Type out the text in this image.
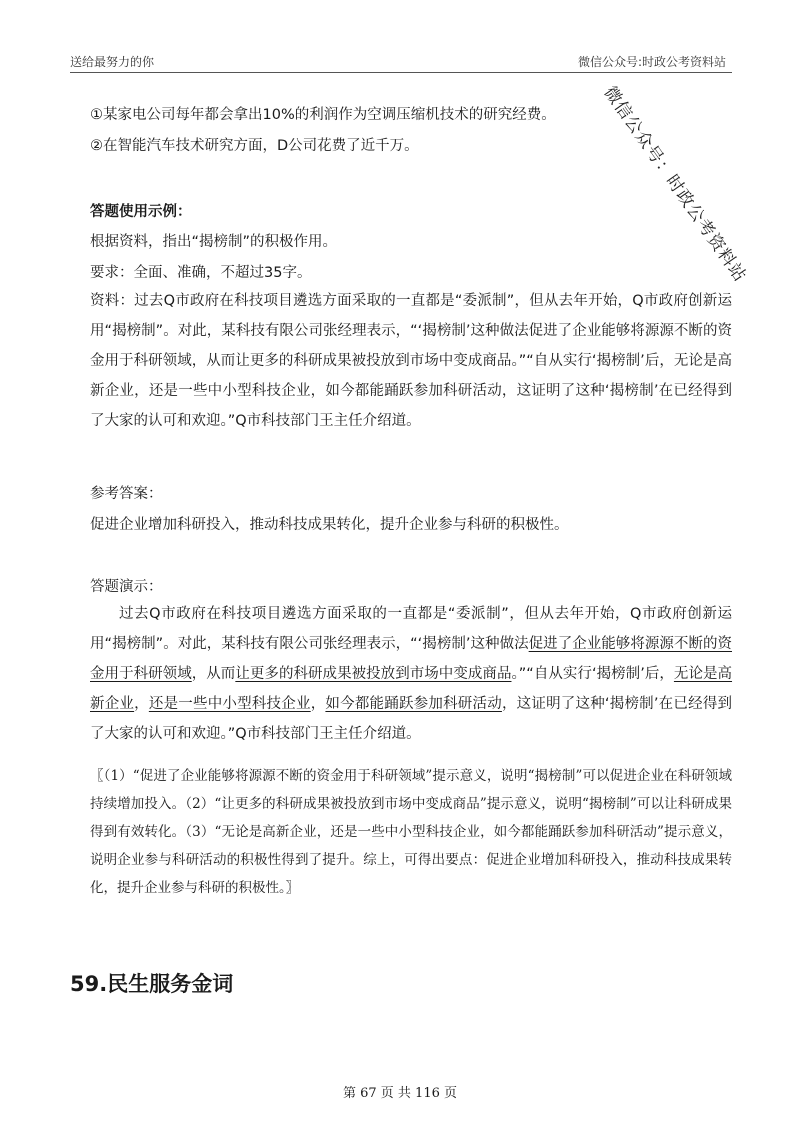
送给最努力的你	微信公众号:时政公考资料站
微信公众号：时政公考资料站
①某家电公司每年都会拿出10%的利润作为空调压缩机技术的研究经费。
②在智能汽车技术研究方面，D公司花费了近千万。
答题使用示例：
根据资料，指出“揭榜制”的积极作用。
要求：全面、准确，不超过35字。
资料：过去Q市政府在科技项目遴选方面采取的一直都是“委派制”，但从去年开始，Q市政府创新运用“揭榜制”。对此，某科技有限公司张经理表示，“‘揭榜制’这种做法促进了企业能够将源源不断的资金用于科研领域，从而让更多的科研成果被投放到市场中变成商品。”“自从实行‘揭榜制’后，无论是高新企业，还是一些中小型科技企业，如今都能踊跃参加科研活动，这证明了这种‘揭榜制’在已经得到了大家的认可和欢迎。”Q市科技部门王主任介绍道。
参考答案：
促进企业增加科研投入，推动科技成果转化，提升企业参与科研的积极性。
答题演示：
过去Q市政府在科技项目遴选方面采取的一直都是“委派制”，但从去年开始，Q市政府创新运用“揭榜制”。对此，某科技有限公司张经理表示，“‘揭榜制’这种做法促进了企业能够将源源不断的资金用于科研领域，从而让更多的科研成果被投放到市场中变成商品。”“自从实行‘揭榜制’后，无论是高新企业，还是一些中小型科技企业，如今都能踊跃参加科研活动，这证明了这种‘揭榜制’在已经得到了大家的认可和欢迎。”Q市科技部门王主任介绍道。
〖（1）“促进了企业能够将源源不断的资金用于科研领域”提示意义，说明“揭榜制”可以促进企业在科研领域持续增加投入。（2）“让更多的科研成果被投放到市场中变成商品”提示意义，说明“揭榜制”可以让科研成果得到有效转化。（3）“无论是高新企业，还是一些中小型科技企业，如今都能踊跃参加科研活动”提示意义，说明企业参与科研活动的积极性得到了提升。综上，可得出要点：促进企业增加科研投入，推动科技成果转化，提升企业参与科研的积极性。〗
59.民生服务金词
第 67 页 共 116 页
